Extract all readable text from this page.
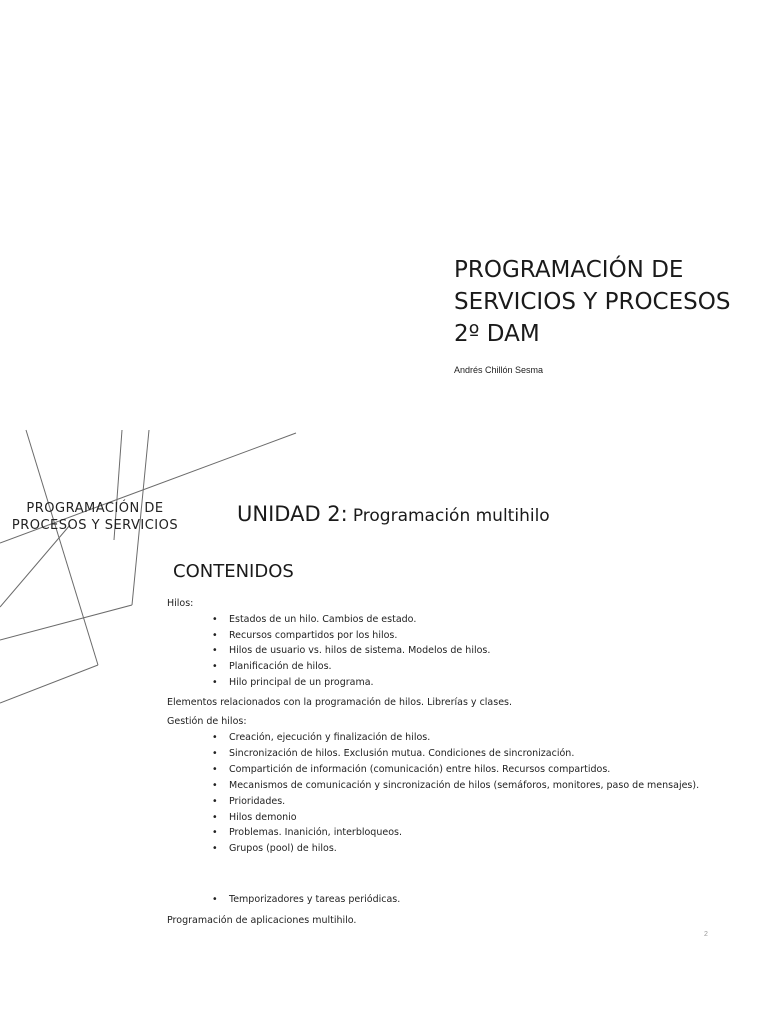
PROGRAMACIÓN DE
SERVICIOS Y PROCESOS
2º DAM
Andrés Chillón Sesma
PROGRAMACIÓN DE
PROCESOS Y SERVICIOS	UNIDAD 2: Programación multihilo
CONTENIDOS
Hilos:
• Estados de un hilo. Cambios de estado.
• Recursos compartidos por los hilos.
• Hilos de usuario vs. hilos de sistema. Modelos de hilos.
• Planificación de hilos.
• Hilo principal de un programa.
Elementos relacionados con la programación de hilos. Librerías y clases.
Gestión de hilos:
• Creación, ejecución y finalización de hilos.
• Sincronización de hilos. Exclusión mutua. Condiciones de sincronización.
• Compartición de información (comunicación) entre hilos. Recursos compartidos.
• Mecanismos de comunicación y sincronización de hilos (semáforos, monitores, paso de mensajes).
• Prioridades.
• Hilos demonio
• Problemas. Inanición, interbloqueos.
• Grupos (pool) de hilos.
• Temporizadores y tareas periódicas.
Programación de aplicaciones multihilo.
2
